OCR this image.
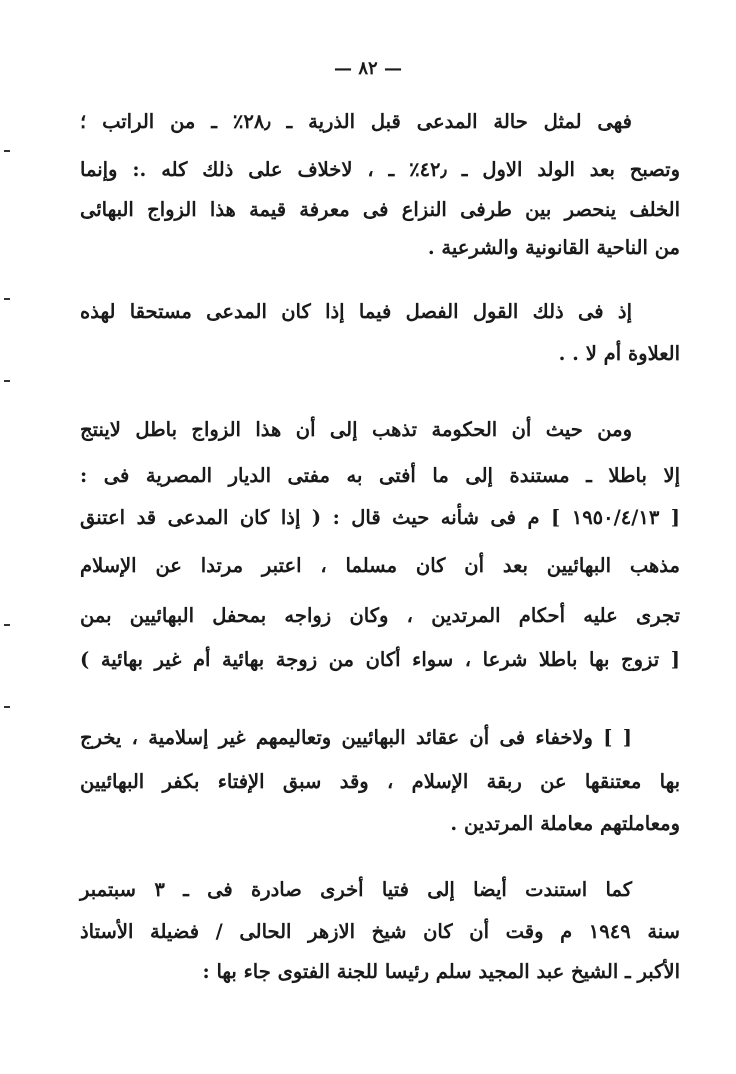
— ٨٢ —
فهى لمثل حالة المدعى قبل الذرية ـ ٢٨٫٪ ـ من الراتب ؛
وتصبح بعد الولد الاول ـ ٤٢٫٪ ـ ، لاخلاف على ذلك كله .: وإنما
الخلف ينحصر بين طرفى النزاع فى معرفة قيمة هذا الزواج البهائى
من الناحية القانونية والشرعية .
إذ فى ذلك القول الفصل فيما إذا كان المدعى مستحقا لهذه
العلاوة أم لا . .
ومن حيث أن الحكومة تذهب إلى أن هذا الزواج باطل لاينتج
إلا باطلا ـ مستندة إلى ما أفتى به مفتى الديار المصرية فى :
[ ١٩٥٠/٤/١٣ ] م فى شأنه حيث قال : ( إذا كان المدعى قد اعتنق
مذهب البهائيين بعد أن كان مسلما ، اعتبر مرتدا عن الإسلام
تجرى عليه أحكام المرتدين ، وكان زواجه بمحفل البهائيين بمن
[ تزوج بها باطلا شرعا ، سواء أكان من زوجة بهائية أم غير بهائية )
[ ] ولاخفاء فى أن عقائد البهائيين وتعاليمهم غير إسلامية ، يخرج
بها معتنقها عن ربقة الإسلام ، وقد سبق الإفتاء بكفر البهائيين
ومعاملتهم معاملة المرتدين .
كما استندت أيضا إلى فتيا أخرى صادرة فى ـ ٣ سبتمبر
سنة ١٩٤٩ م وقت أن كان شيخ الازهر الحالى / فضيلة الأستاذ
الأكبر ـ الشيخ عبد المجيد سلم رئيسا للجنة الفتوى جاء بها :
